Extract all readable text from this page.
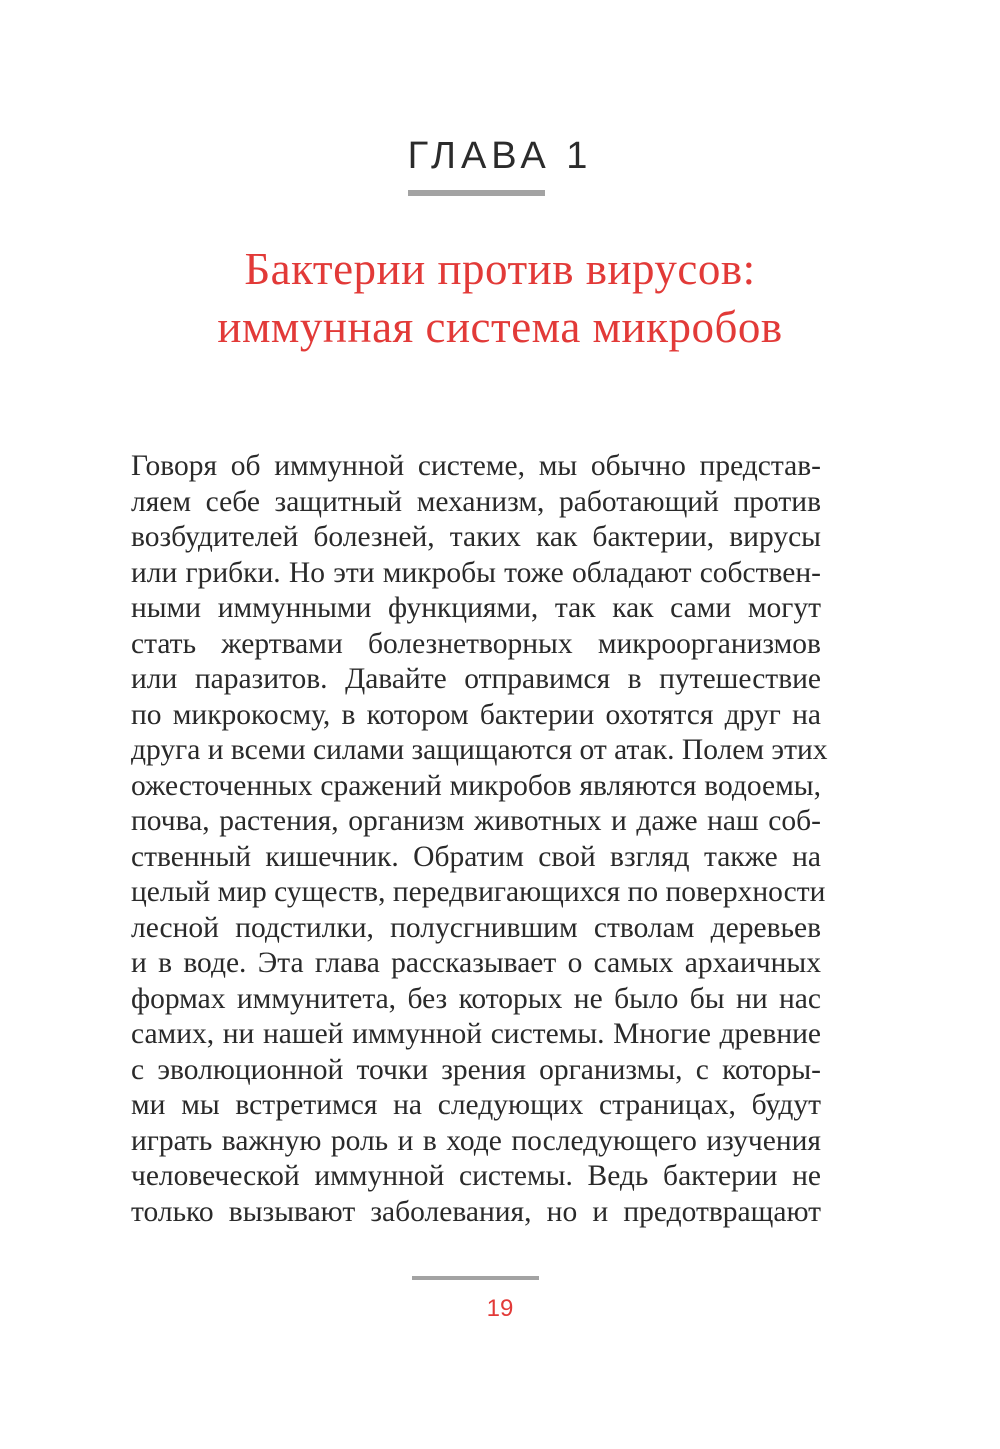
ГЛАВА 1
Бактерии против вирусов:
иммунная система микробов
Говоря об иммунной системе, мы обычно представ-
ляем себе защитный механизм, работающий против
возбудителей болезней, таких как бактерии, вирусы
или грибки. Но эти микробы тоже обладают собствен-
ными иммунными функциями, так как сами могут
стать жертвами болезнетворных микроорганизмов
или паразитов. Давайте отправимся в путешествие
по микрокосму, в котором бактерии охотятся друг на
друга и всеми силами защищаются от атак. Полем этих
ожесточенных сражений микробов являются водоемы,
почва, растения, организм животных и даже наш соб-
ственный кишечник. Обратим свой взгляд также на
целый мир существ, передвигающихся по поверхности
лесной подстилки, полусгнившим стволам деревьев
и в воде. Эта глава рассказывает о самых архаичных
формах иммунитета, без которых не было бы ни нас
самих, ни нашей иммунной системы. Многие древние
с эволюционной точки зрения организмы, с которы-
ми мы встретимся на следующих страницах, будут
играть важную роль и в ходе последующего изучения
человеческой иммунной системы. Ведь бактерии не
только вызывают заболевания, но и предотвращают
19
